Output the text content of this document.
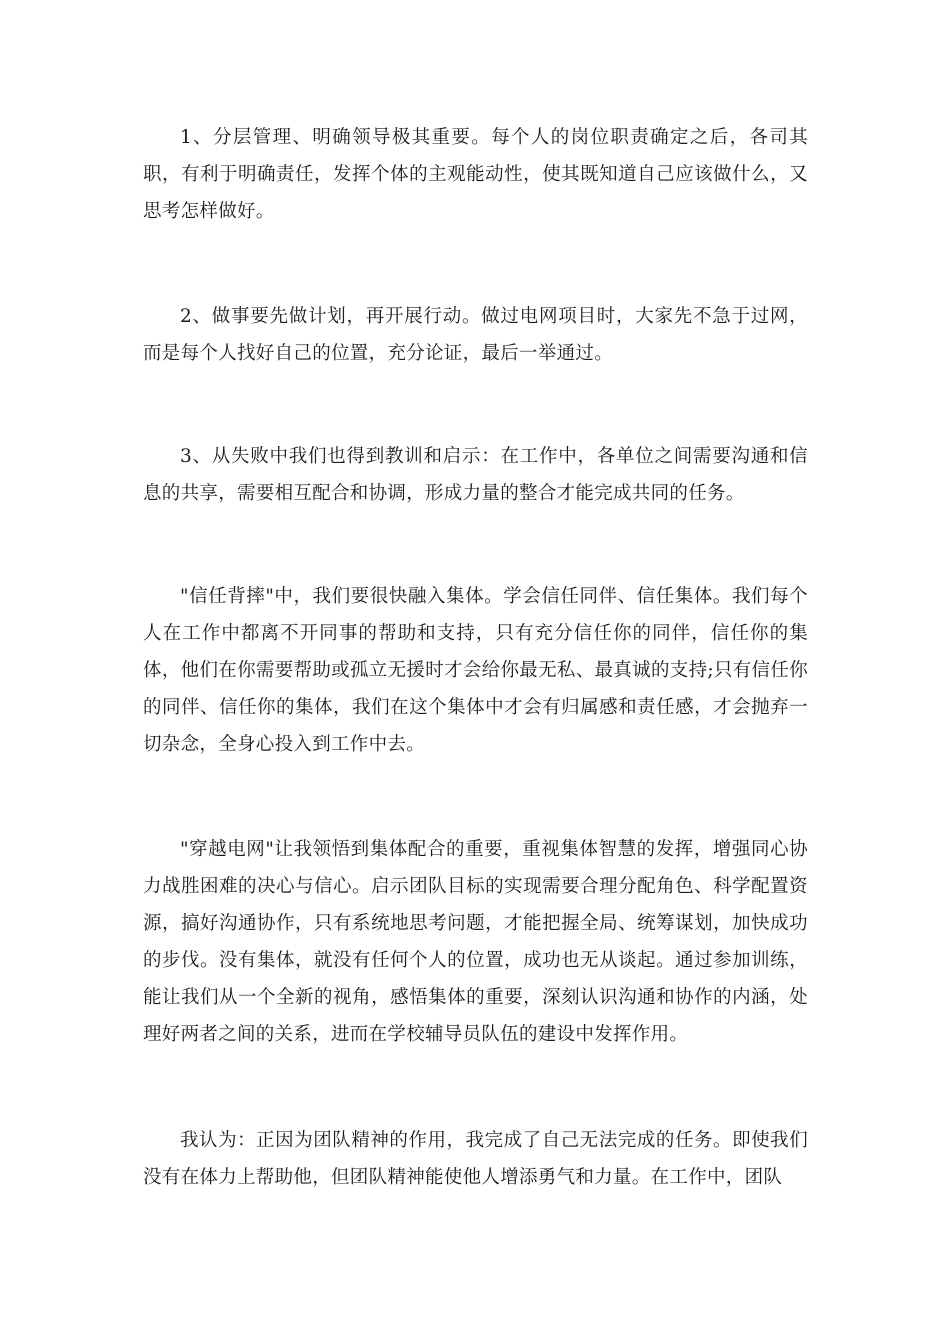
1、分层管理、明确领导极其重要。每个人的岗位职责确定之后，各司其职，有利于明确责任，发挥个体的主观能动性，使其既知道自己应该做什么，又思考怎样做好。

2、做事要先做计划，再开展行动。做过电网项目时，大家先不急于过网，而是每个人找好自己的位置，充分论证，最后一举通过。

3、从失败中我们也得到教训和启示：在工作中，各单位之间需要沟通和信息的共享，需要相互配合和协调，形成力量的整合才能完成共同的任务。

"信任背摔"中，我们要很快融入集体。学会信任同伴、信任集体。我们每个人在工作中都离不开同事的帮助和支持，只有充分信任你的同伴，信任你的集体，他们在你需要帮助或孤立无援时才会给你最无私、最真诚的支持;只有信任你的同伴、信任你的集体，我们在这个集体中才会有归属感和责任感，才会抛弃一切杂念，全身心投入到工作中去。

"穿越电网"让我领悟到集体配合的重要，重视集体智慧的发挥，增强同心协力战胜困难的决心与信心。启示团队目标的实现需要合理分配角色、科学配置资源，搞好沟通协作，只有系统地思考问题，才能把握全局、统筹谋划，加快成功的步伐。没有集体，就没有任何个人的位置，成功也无从谈起。通过参加训练，能让我们从一个全新的视角，感悟集体的重要，深刻认识沟通和协作的内涵，处理好两者之间的关系，进而在学校辅导员队伍的建设中发挥作用。

我认为：正因为团队精神的作用，我完成了自己无法完成的任务。即使我们没有在体力上帮助他，但团队精神能使他人增添勇气和力量。在工作中，团队
